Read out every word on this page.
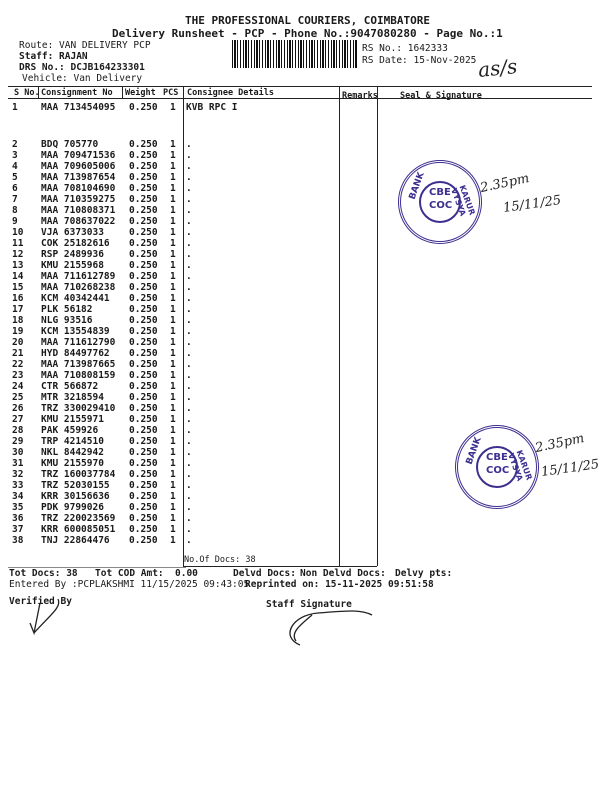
THE PROFESSIONAL COURIERS, COIMBATORE
Delivery Runsheet - PCP - Phone No.:9047080280 - Page No.:1
Route: VAN DELIVERY PCP
Staff: RAJAN
DRS No.: DCJB164233301
Vehicle: Van Delivery
RS No.: 1642333
RS Date: 15-Nov-2025 as/s
S No. Consignment No Weight PCS Consignee Details	Remarks	Seal & Signature
1 MAA 713454095 0.250 1 KVB RPC I
2 BDQ 705770	0.250 1 .
3 MAA 709471536 0.250 1 .
4 MAA 709605006 0.250 1 .
5 MAA 713987654 0.250 1 .
6 MAA 708104690 0.250 1 .
7 MAA 710359275 0.250 1 .
8 MAA 710808371 0.250 1 .
9 MAA 708637022 0.250 1 .
10 VJA 6373033	0.250 1 .
11 COK 25182616 0.250 1 .
12 RSP 2489936	0.250 1 .
13 KMU 2155968	0.250 1 .
14 MAA 711612789 0.250 1 .
15 MAA 710268238 0.250 1 .
16 KCM 40342441 0.250 1 .
17 PLK 56182	0.250 1 .
18 NLG 93516	0.250 1 .
19 KCM 13554839 0.250 1 .
20 MAA 711612790 0.250 1 .
21 HYD 84497762 0.250 1 .
22 MAA 713987665 0.250 1 .
23 MAA 710808159 0.250 1 .
24 CTR 566872	0.250 1 .
25 MTR 3218594	0.250 1 .
26 TRZ 330029410 0.250 1 .
27 KMU 2155971	0.250 1 .
28 PAK 459926	0.250 1 .
29 TRP 4214510	0.250 1 .
30 NKL 8442942	0.250 1 .
31 KMU 2155970	0.250 1 .
32 TRZ 160037784 0.250 1 .
33 TRZ 52030155 0.250 1 .
34 KRR 30156636 0.250 1 .
35 PDK 9799026	0.250 1 .
36 TRZ 220023569 0.250 1 .
37 KRR 600085051 0.250 1 .
38 TNJ 22864476 0.250 1 .
No.Of Docs: 38
CBE
COC
BANK	KARUR VYSYA
2.35pm
15/11/25
CBE
COC
BANK	KARUR VYSYA
2.35pm
15/11/25
Tot Docs: 38 Tot COD Amt: 0.00	Delvd Docs: Non Delvd Docs: Delvy pts:
Entered By :PCPLAKSHMI 11/15/2025 09:43:05
Reprinted on: 15-11-2025 09:51:58
Verified By	Staff Signature
